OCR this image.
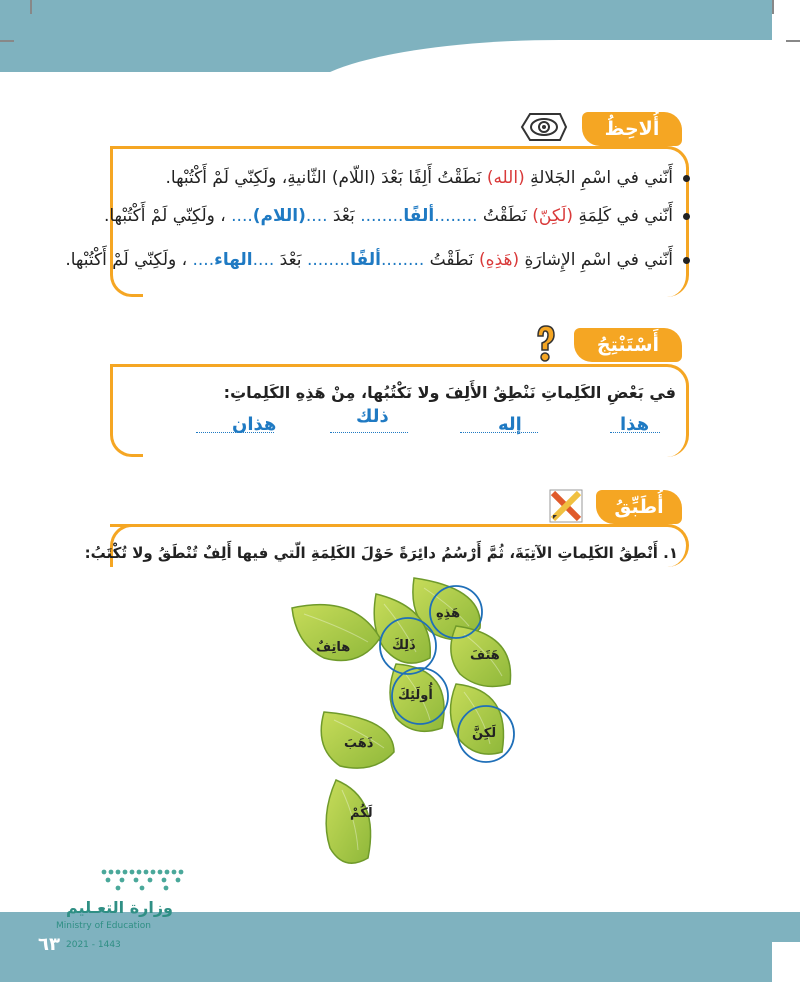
أُلاحِظُ
أَنّني في اسْمِ الجَلالةِ (الله) نَطَقْتُ أَلِفًا بَعْدَ (اللّام) الثّانيةِ، ولَكِنّي لَمْ أَكْتُبْها.
أَنّني في كَلِمَةِ (لَكِنّ) نَطَقْتُ ........ألفًا........ بَعْدَ ....(اللام).... ، ولَكِنّي لَمْ أَكْتُبْها.
أَنّني في اسْمِ الإِشارَةِ (هَذِهِ) نَطَقْتُ ........ألفًا........ بَعْدَ ....الهاء.... ، ولَكِنّي لَمْ أَكْتُبْها.
أَسْتَنْتِجُ
في بَعْضِ الكَلِماتِ نَنْطِقُ الأَلِفَ ولا نَكْتُبُها، مِنْ هَذِهِ الكَلِماتِ:
هذا
إله
ذلك
هذان
أُطَبِّقُ
١. أَنْطِقُ الكَلِماتِ الآتِيَةَ، ثُمَّ أَرْسُمُ دائِرَةً حَوْلَ الكَلِمَةِ الّتي فيها أَلِفٌ تُنْطَقُ ولا تُكْتَبُ:
هَذِهِ
ذَلِكَ
هاتِفٌ
هَتَفَ
أُولَئِكَ
لَكِنَّ
ذَهَبَ
لَكُمْ
وزارة التعـليم
Ministry of Education
2021 - 1443
٦٣
